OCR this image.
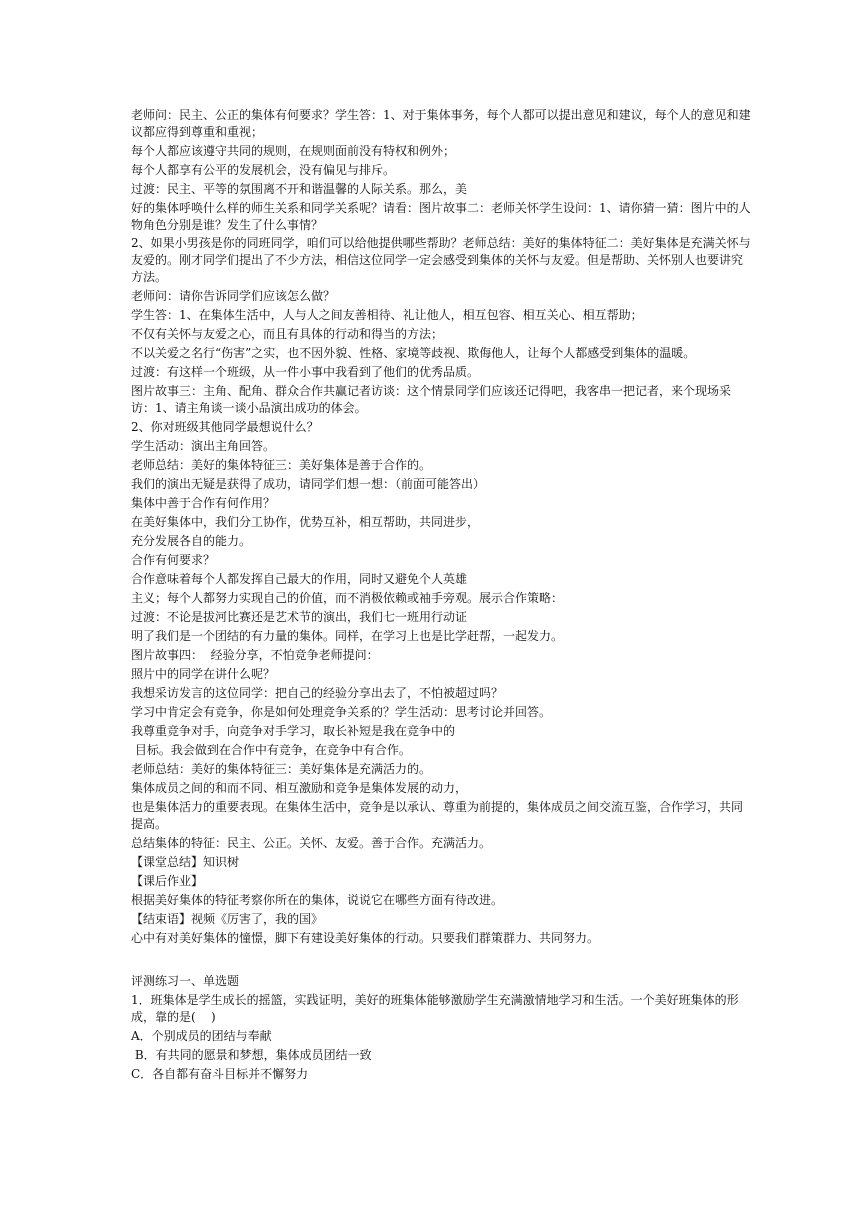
老师问：民主、公正的集体有何要求？学生答：1、对于集体事务，每个人都可以提出意见和建议，每个人的意见和建议都应得到尊重和重视；

每个人都应该遵守共同的规则，在规则面前没有特权和例外；

每个人都享有公平的发展机会，没有偏见与排斥。

过渡：民主、平等的氛围离不开和谐温馨的人际关系。那么，美

好的集体呼唤什么样的师生关系和同学关系呢？请看：图片故事二：老师关怀学生设问：1、请你猜一猜：图片中的人物角色分别是谁？发生了什么事情？

2、如果小男孩是你的同班同学，咱们可以给他提供哪些帮助？老师总结：美好的集体特征二：美好集体是充满关怀与友爱的。刚才同学们提出了不少方法，相信这位同学一定会感受到集体的关怀与友爱。但是帮助、关怀别人也要讲究方法。

老师问：请你告诉同学们应该怎么做？

学生答：1、在集体生活中，人与人之间友善相待、礼让他人，相互包容、相互关心、相互帮助；

不仅有关怀与友爱之心，而且有具体的行动和得当的方法；

不以关爱之名行“伤害”之实，也不因外貌、性格、家境等歧视、欺侮他人，让每个人都感受到集体的温暖。

过渡：有这样一个班级，从一件小事中我看到了他们的优秀品质。

图片故事三：主角、配角、群众合作共赢记者访谈：这个情景同学们应该还记得吧，我客串一把记者，来个现场采访：1、请主角谈一谈小品演出成功的体会。

2、你对班级其他同学最想说什么？

学生活动：演出主角回答。

老师总结：美好的集体特征三：美好集体是善于合作的。

我们的演出无疑是获得了成功，请同学们想一想：（前面可能答出）

集体中善于合作有何作用？

在美好集体中，我们分工协作，优势互补，相互帮助，共同进步，

充分发展各自的能力。

合作有何要求？

合作意味着每个人都发挥自己最大的作用，同时又避免个人英雄

主义；每个人都努力实现自己的价值，而不消极依赖或袖手旁观。展示合作策略：

过渡：不论是拔河比赛还是艺术节的演出，我们七一班用行动证

明了我们是一个团结的有力量的集体。同样，在学习上也是比学赶帮，一起发力。

图片故事四：  经验分享，不怕竞争老师提问：

照片中的同学在讲什么呢？

我想采访发言的这位同学：把自己的经验分享出去了，不怕被超过吗？

学习中肯定会有竞争，你是如何处理竞争关系的？学生活动：思考讨论并回答。

我尊重竞争对手，向竞争对手学习，取长补短是我在竞争中的

目标。我会做到在合作中有竞争，在竞争中有合作。

老师总结：美好的集体特征三：美好集体是充满活力的。

集体成员之间的和而不同、相互激励和竞争是集体发展的动力，

也是集体活力的重要表现。在集体生活中，竞争是以承认、尊重为前提的，集体成员之间交流互鉴，合作学习，共同提高。

总结集体的特征：民主、公正。关怀、友爱。善于合作。充满活力。

【课堂总结】知识树

【课后作业】

根据美好集体的特征考察你所在的集体，说说它在哪些方面有待改进。

【结束语】视频《厉害了，我的国》

心中有对美好集体的憧憬，脚下有建设美好集体的行动。只要我们群策群力、共同努力。

评测练习一、单选题

1．班集体是学生成长的摇篮，实践证明，美好的班集体能够激励学生充满激情地学习和生活。一个美好班集体的形成，靠的是(    )

A．个别成员的团结与奉献

B．有共同的愿景和梦想，集体成员团结一致

C．各自都有奋斗目标并不懈努力
